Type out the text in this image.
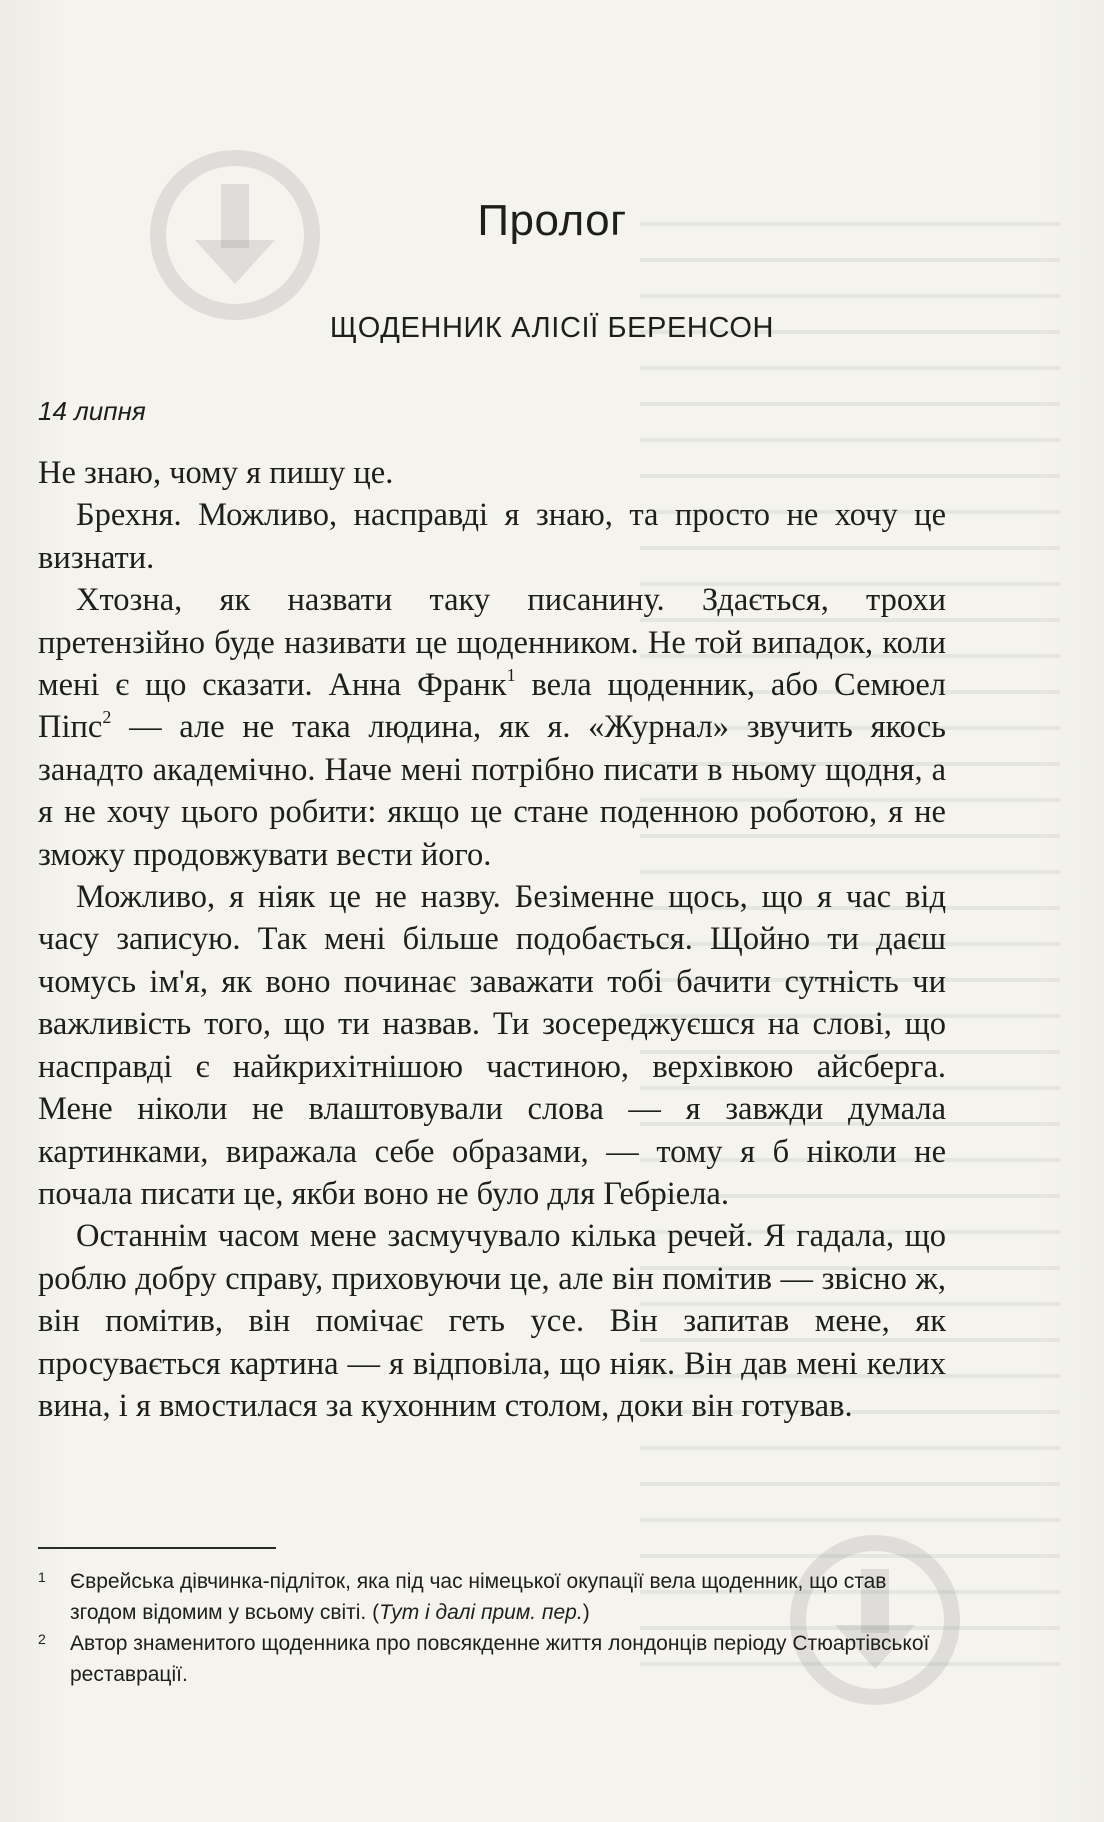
Пролог
ЩОДЕННИК АЛІСІЇ БЕРЕНСОН
14 липня

Не знаю, чому я пишу це.

Брехня. Можливо, насправді я знаю, та просто не хочу це визнати.

Хтозна, як назвати таку писанину. Здається, трохи претензійно буде називати це щоденником. Не той випадок, коли мені є що сказати. Анна Франк$^1$ вела щоденник, або Семюел Піпс$^2$ — але не така людина, як я. «Журнал» звучить якось занадто академічно. Наче мені потрібно писати в ньому щодня, а я не хочу цього робити: якщо це стане поденною роботою, я не зможу продовжувати вести його.

Можливо, я ніяк це не назву. Безіменне щось, що я час від часу записую. Так мені більше подобається. Щойно ти даєш чомусь ім'я, як воно починає заважати тобі бачити сутність чи важливість того, що ти назвав. Ти зосереджуєшся на слові, що насправді є найкрихітнішою частиною, верхівкою айсберга. Мене ніколи не влаштовували слова — я завжди думала картинками, виражала себе образами, — тому я б ніколи не почала писати це, якби воно не було для Гебріела.

Останнім часом мене засмучувало кілька речей. Я гадала, що роблю добру справу, приховуючи це, але він помітив — звісно ж, він помітив, він помічає геть усе. Він запитав мене, як просувається картина — я відповіла, що ніяк. Він дав мені келих вина, і я вмостилася за кухонним столом, доки він готував.

1 Єврейська дівчинка-підліток, яка під час німецької окупації вела щоденник, що став згодом відомим у всьому світі. (Тут і далі прим. пер.)

2 Автор знаменитого щоденника про повсякденне життя лондонців періоду Стюартівської реставрації.
